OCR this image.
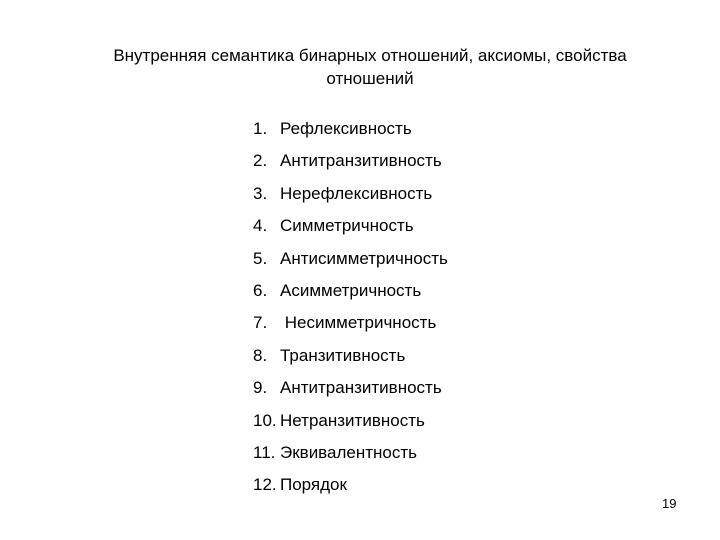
Внутренняя семантика бинарных отношений, аксиомы, свойства
отношений
1. Рефлексивность
2. Антитранзитивность
3. Нерефлексивность
4. Симметричность
5. Антисимметричность
6. Асимметричность
7. Несимметричность
8. Транзитивность
9. Антитранзитивность
10. Нетранзитивность
11. Эквивалентность
12. Порядок
19
